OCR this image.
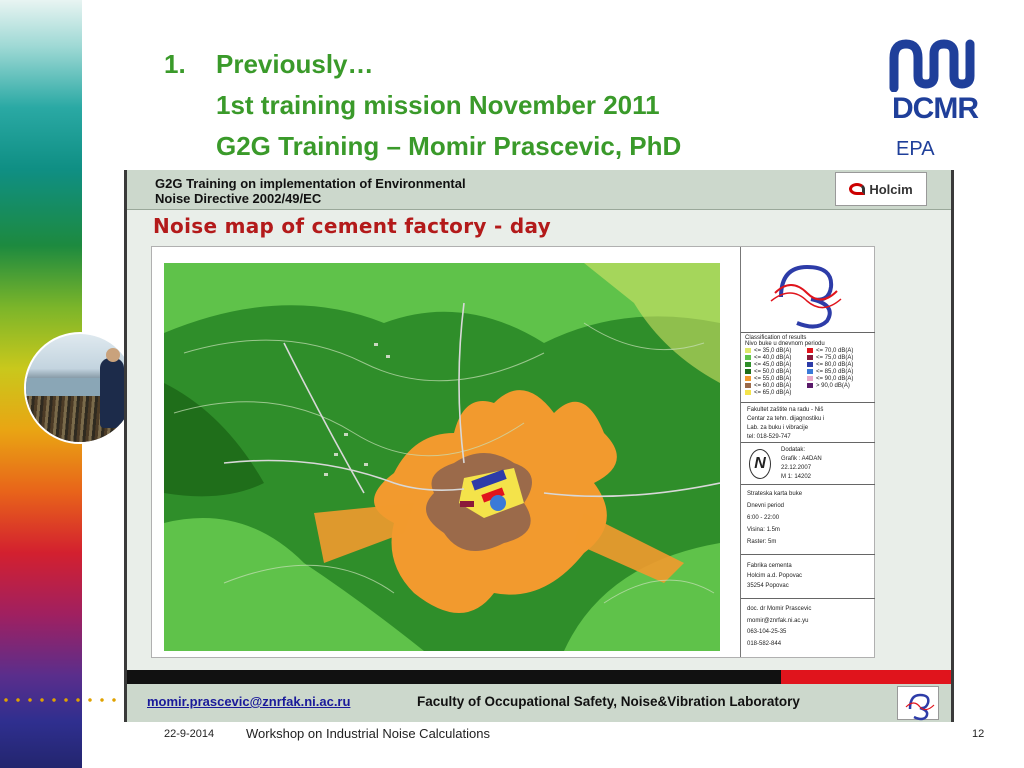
1.	Previously…
1st training mission November 2011
G2G Training – Momir Prascevic, PhD
DCMR
EPA
G2G Training on implementation of Environmental
Noise Directive 2002/49/EC
Holcim
Noise map of cement factory - day
Classification of results
Nivo buke u dnevnom periodu
<= 35,0 dB(A)
<= 40,0 dB(A)
<= 45,0 dB(A)
<= 50,0 dB(A)
<= 55,0 dB(A)
<= 60,0 dB(A)
<= 65,0 dB(A)
<= 70,0 dB(A)
<= 75,0 dB(A)
<= 80,0 dB(A)
<= 85,0 dB(A)
<= 90,0 dB(A)
> 90,0 dB(A)
Fakultet zaštite na radu - Niš
Centar za tehn. dijagnostiku i
Lab. za buku i vibracije
tel: 018-529-747
N
Dodatak:
Grafik : A4DAN
22.12.2007
M 1: 14202
Strateska karta buke
Dnevni period
6:00 - 22:00
Visina: 1.5m
Raster: 5m
Fabrika cementa
Holcim a.d. Popovac
35254 Popovac
doc. dr Momir Prascevic
momir@znrfak.ni.ac.yu
063-104-25-35
018-582-844
momir.prascevic@znrfak.ni.ac.ru	Faculty of Occupational Safety, Noise&Vibration Laboratory
22-9-2014 Workshop on Industrial Noise Calculations	12
